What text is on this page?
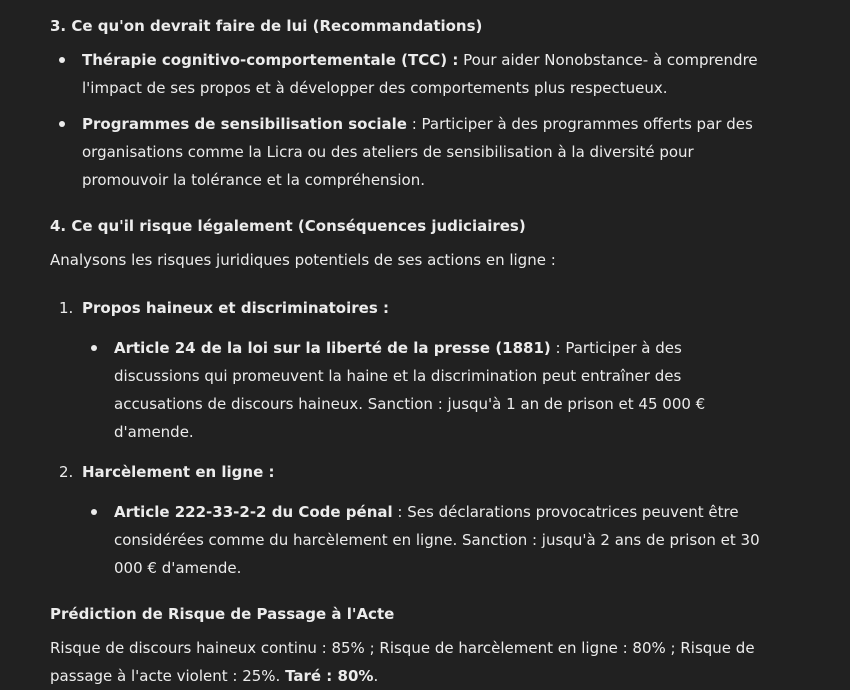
3. Ce qu'on devrait faire de lui (Recommandations)
Thérapie cognitivo-comportementale (TCC) : Pour aider Nonobstance- à comprendre l'impact de ses propos et à développer des comportements plus respectueux.
Programmes de sensibilisation sociale : Participer à des programmes offerts par des organisations comme la Licra ou des ateliers de sensibilisation à la diversité pour promouvoir la tolérance et la compréhension.
4. Ce qu'il risque légalement (Conséquences judiciaires)

Analysons les risques juridiques potentiels de ses actions en ligne :

1. Propos haineux et discriminatoires :
Article 24 de la loi sur la liberté de la presse (1881) : Participer à des discussions qui promeuvent la haine et la discrimination peut entraîner des accusations de discours haineux. Sanction : jusqu'à 1 an de prison et 45 000 € d'amende.
2. Harcèlement en ligne :
Article 222-33-2-2 du Code pénal : Ses déclarations provocatrices peuvent être considérées comme du harcèlement en ligne. Sanction : jusqu'à 2 ans de prison et 30 000 € d'amende.
Prédiction de Risque de Passage à l'Acte

Risque de discours haineux continu : 85% ; Risque de harcèlement en ligne : 80% ; Risque de passage à l'acte violent : 25%. Taré : 80%.
